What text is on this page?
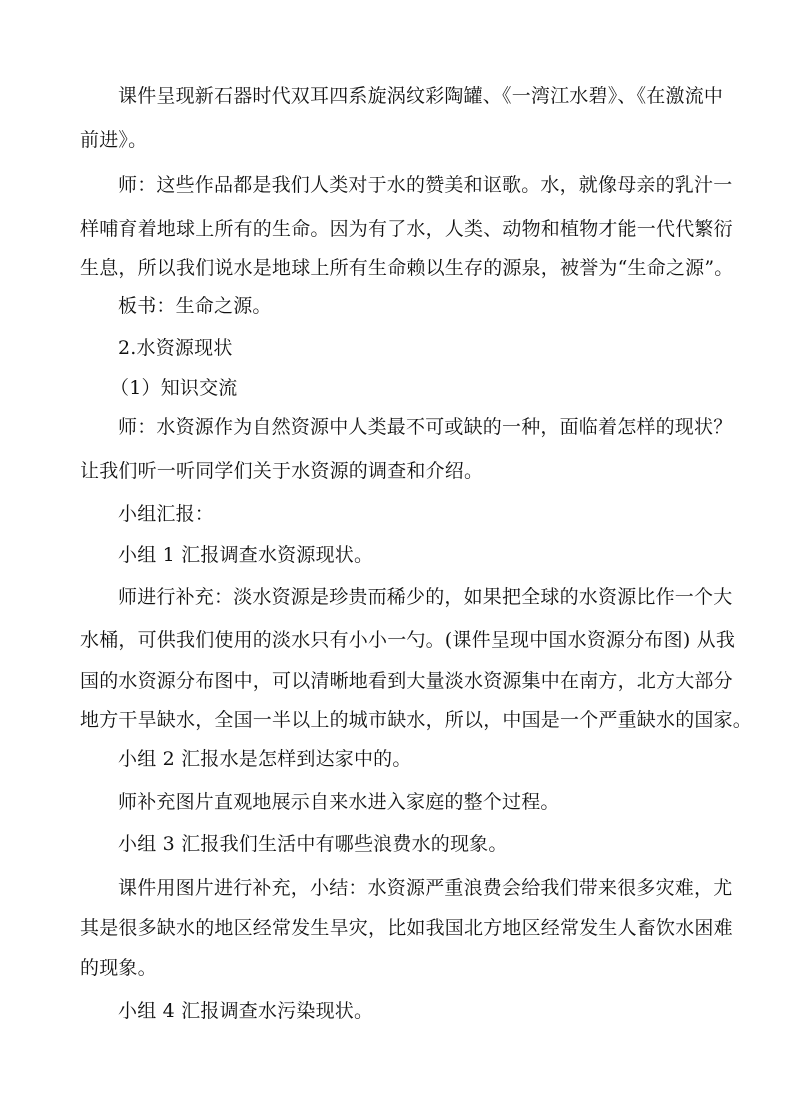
课件呈现新石器时代双耳四系旋涡纹彩陶罐、《一湾江水碧》、《在激流中
前进》。
师：这些作品都是我们人类对于水的赞美和讴歌。水，就像母亲的乳汁一
样哺育着地球上所有的生命。因为有了水，人类、动物和植物才能一代代繁衍
生息，所以我们说水是地球上所有生命赖以生存的源泉，被誉为“生命之源”。
板书：生命之源。
2.水资源现状
（1）知识交流
师：水资源作为自然资源中人类最不可或缺的一种，面临着怎样的现状？
让我们听一听同学们关于水资源的调查和介绍。
小组汇报：
小组 1 汇报调查水资源现状。
师进行补充：淡水资源是珍贵而稀少的，如果把全球的水资源比作一个大
水桶，可供我们使用的淡水只有小小一勺。(课件呈现中国水资源分布图) 从我
国的水资源分布图中，可以清晰地看到大量淡水资源集中在南方，北方大部分
地方干旱缺水，全国一半以上的城市缺水，所以，中国是一个严重缺水的国家。
小组 2 汇报水是怎样到达家中的。
师补充图片直观地展示自来水进入家庭的整个过程。
小组 3 汇报我们生活中有哪些浪费水的现象。
课件用图片进行补充，小结：水资源严重浪费会给我们带来很多灾难，尤
其是很多缺水的地区经常发生旱灾，比如我国北方地区经常发生人畜饮水困难
的现象。
小组 4 汇报调查水污染现状。
